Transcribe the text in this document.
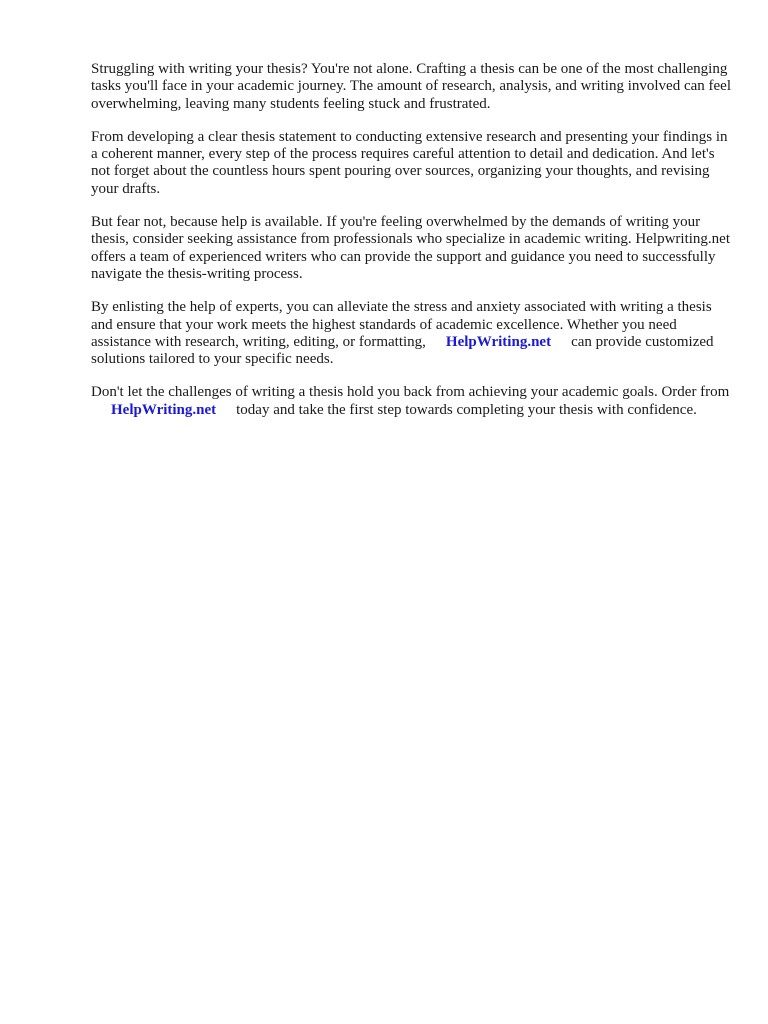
Struggling with writing your thesis? You're not alone. Crafting a thesis can be one of the most challenging tasks you'll face in your academic journey. The amount of research, analysis, and writing involved can feel overwhelming, leaving many students feeling stuck and frustrated.

From developing a clear thesis statement to conducting extensive research and presenting your findings in a coherent manner, every step of the process requires careful attention to detail and dedication. And let's not forget about the countless hours spent pouring over sources, organizing your thoughts, and revising your drafts.

But fear not, because help is available. If you're feeling overwhelmed by the demands of writing your thesis, consider seeking assistance from professionals who specialize in academic writing. Helpwriting.net offers a team of experienced writers who can provide the support and guidance you need to successfully navigate the thesis-writing process.

By enlisting the help of experts, you can alleviate the stress and anxiety associated with writing a thesis and ensure that your work meets the highest standards of academic excellence. Whether you need assistance with research, writing, editing, or formatting, HelpWriting.net can provide customized solutions tailored to your specific needs.

Don't let the challenges of writing a thesis hold you back from achieving your academic goals. Order fromHelpWriting.net today and take the first step towards completing your thesis with confidence.
